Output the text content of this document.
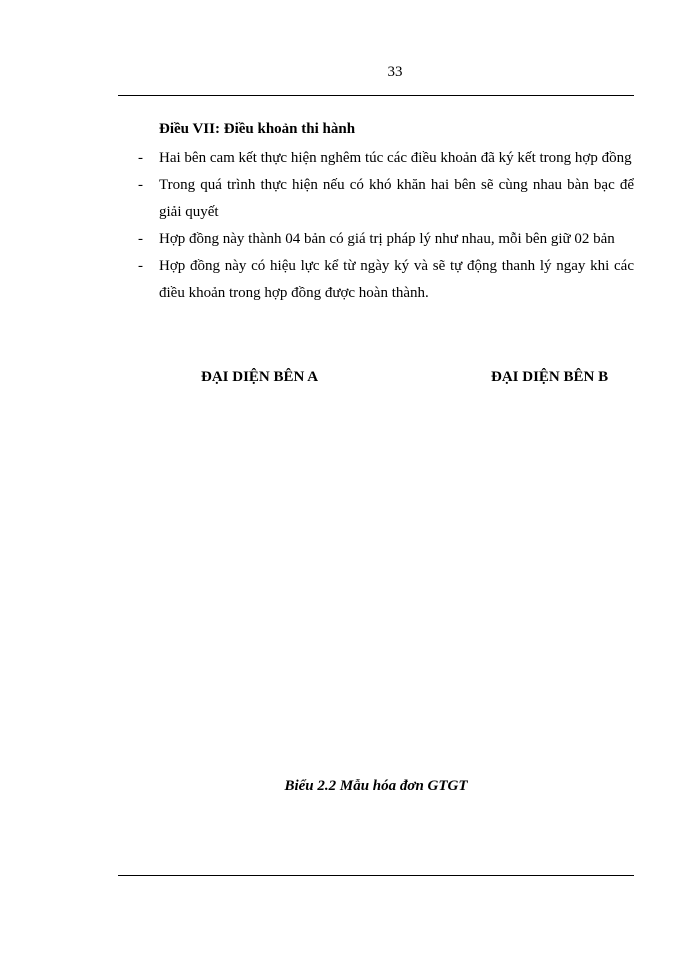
33
Điều VII: Điều khoản thi hành
- Hai bên cam kết thực hiện nghêm túc các điều khoản đã ký kết trong hợp đồng
- Trong quá trình thực hiện nếu có khó khăn hai bên sẽ cùng nhau bàn bạc để giải quyết
- Hợp đồng này thành 04 bản có giá trị pháp lý như nhau, mỗi bên giữ 02 bản
- Hợp đồng này có hiệu lực kể từ ngày ký và sẽ tự động thanh lý ngay khi các điều khoản trong hợp đồng được hoàn thành.
ĐẠI DIỆN BÊN A	ĐẠI DIỆN BÊN B
Biểu 2.2 Mẫu hóa đơn GTGT
